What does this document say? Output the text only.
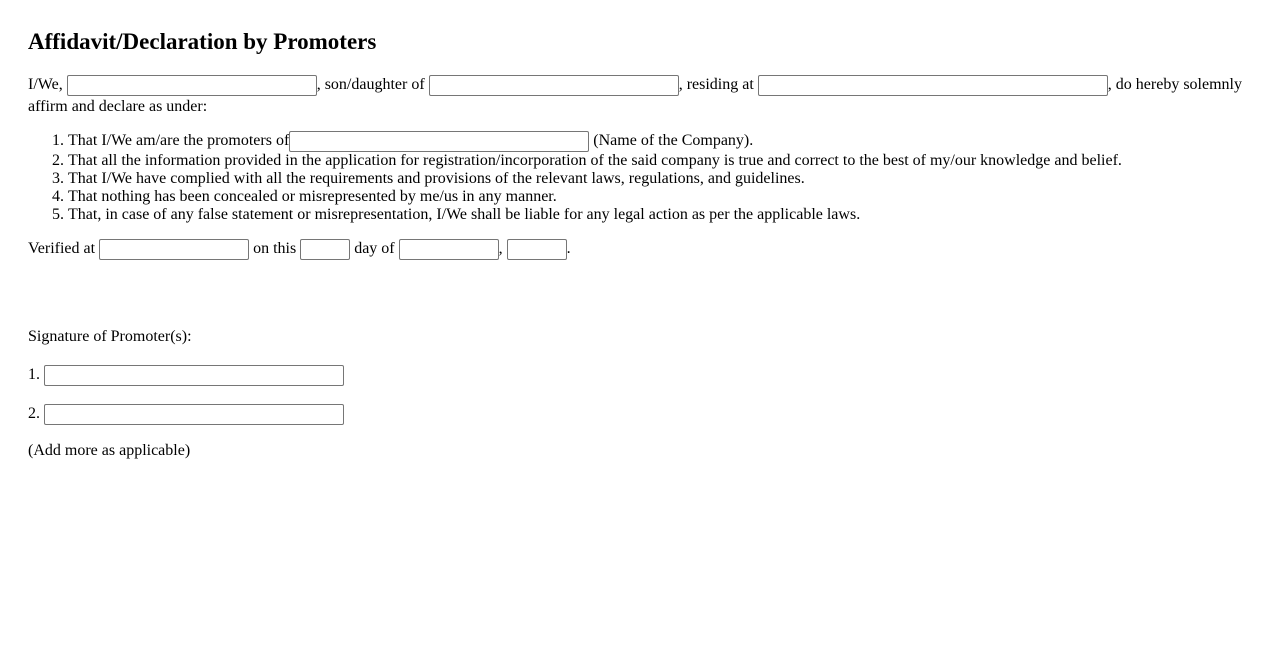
Affidavit/Declaration by Promoters
I/We,	, son/daughter of	, residing at	, do hereby solemnly affirm and declare as under:
1. That I/We am/are the promoters of	(Name of the Company).
2. That all the information provided in the application for registration/incorporation of the said company is true and correct to the best of my/our knowledge and belief.
3. That I/We have complied with all the requirements and provisions of the relevant laws, regulations, and guidelines.
4. That nothing has been concealed or misrepresented by me/us in any manner.
5. That, in case of any false statement or misrepresentation, I/We shall be liable for any legal action as per the applicable laws.
Verified at	on this	day of	,	.
Signature of Promoter(s):
1.
2.
(Add more as applicable)
